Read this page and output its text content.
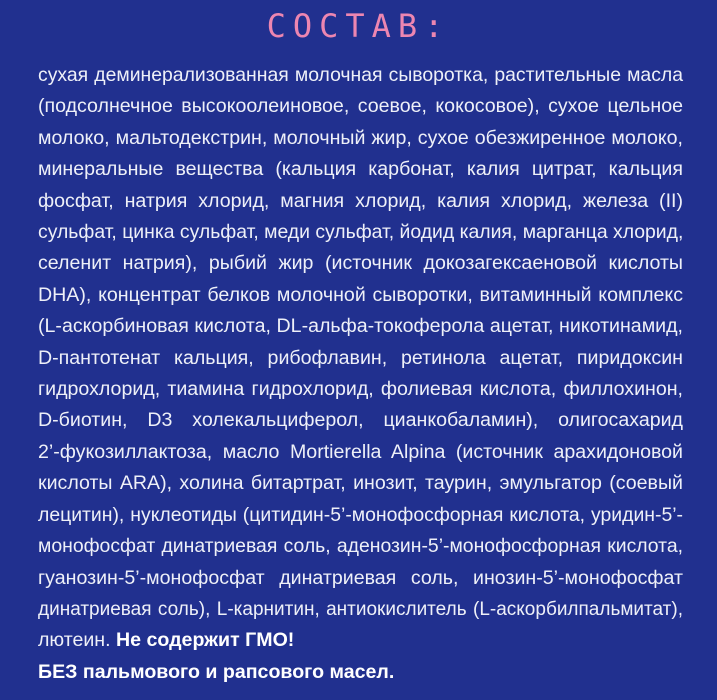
СОСТАВ:
сухая деминерализованная молочная сыворотка, растительные масла
(подсолнечное высокоолеиновое, соевое, кокосовое), сухое цельное
молоко, мальтодекстрин, молочный жир, сухое обезжиренное молоко,
минеральные вещества (кальция карбонат, калия цитрат, кальция
фосфат, натрия хлорид, магния хлорид, калия хлорид, железа (II)
сульфат, цинка сульфат, меди сульфат, йодид калия, марганца хлорид,
селенит натрия), рыбий жир (источник докозагексаеновой кислоты
DHA), концентрат белков молочной сыворотки, витаминный комплекс
(L-аскорбиновая кислота, DL-альфа-токоферола ацетат, никотинамид,
D-пантотенат кальция, рибофлавин, ретинола ацетат, пиридоксин
гидрохлорид, тиамина гидрохлорид, фолиевая кислота, филлохинон,
D-биотин, D3 холекальциферол, цианкобаламин), олигосахарид
2’-фукозиллактоза, масло Mortierella Alpina (источник арахидоновой
кислоты ARA), холина битартрат, инозит, таурин, эмульгатор (соевый
лецитин), нуклеотиды (цитидин-5’-монофосфорная кислота, уридин-5’-
монофосфат динатриевая соль, аденозин-5’-монофосфорная кислота,
гуанозин-5’-монофосфат динатриевая соль, инозин-5’-монофосфат
динатриевая соль), L-карнитин, антиокислитель (L-аскорбилпальмитат),
лютеин. Не содержит ГМО!
БЕЗ пальмового и рапсового масел.
